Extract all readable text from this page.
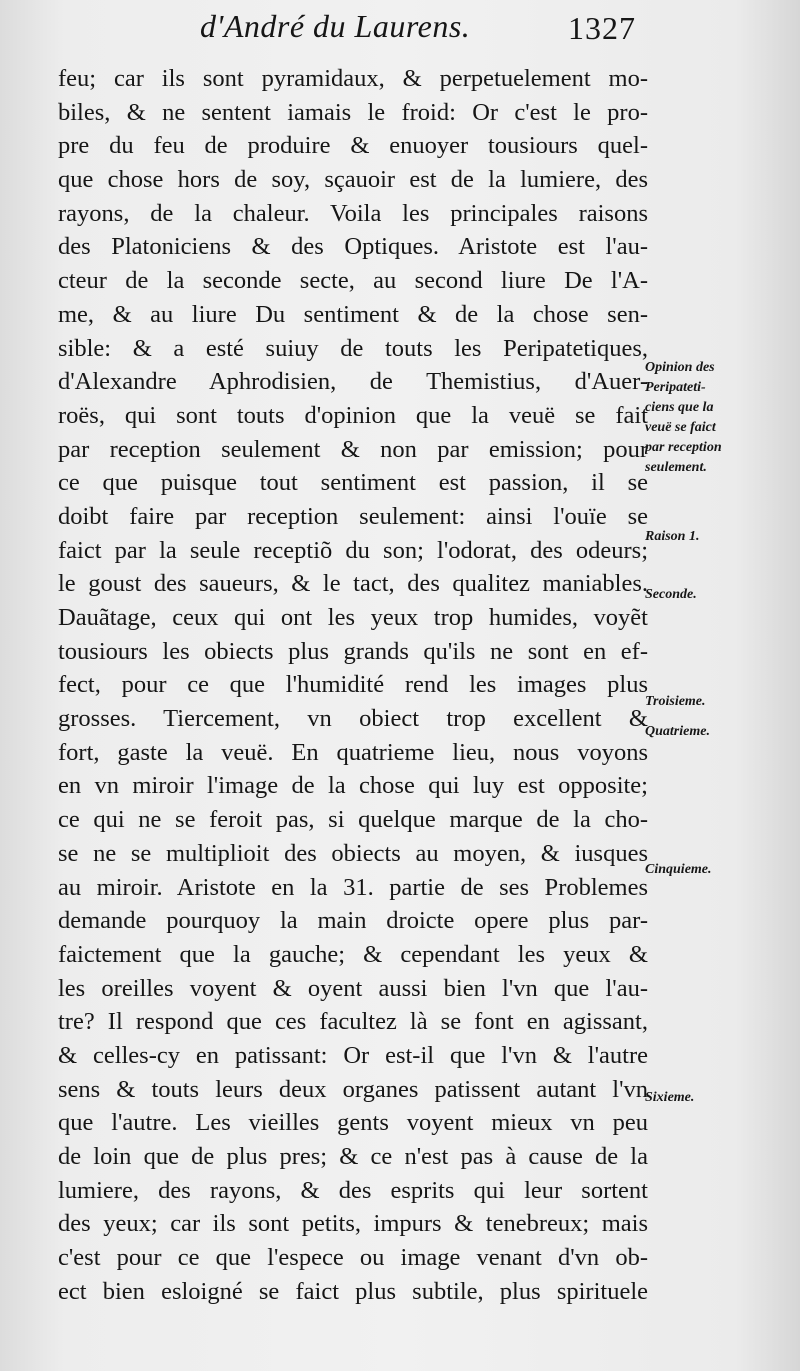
d'André du Laurens.	1327
feu; car ils sont pyramidaux, & perpetuelement mo-
biles, & ne sentent iamais le froid: Or c'est le pro-
pre du feu de produire & enuoyer tousiours quel-
que chose hors de soy, sçauoir est de la lumiere, des
rayons, de la chaleur. Voila les principales raisons
des Platoniciens & des Optiques. Aristote est l'au-
cteur de la seconde secte, au second liure De l'A-
me, & au liure Du sentiment & de la chose sen-
sible: & a esté suiuy de touts les Peripatetiques,
d'Alexandre Aphrodisien, de Themistius, d'Auer-
roës, qui sont touts d'opinion que la veuë se fait
par reception seulement & non par emission; pour
ce que puisque tout sentiment est passion, il se
doibt faire par reception seulement: ainsi l'ouïe se
faict par la seule receptiõ du son; l'odorat, des odeurs;
le goust des saueurs, & le tact, des qualitez maniables.
Dauãtage, ceux qui ont les yeux trop humides, voyẽt
tousiours les obiects plus grands qu'ils ne sont en ef-
fect, pour ce que l'humidité rend les images plus
grosses. Tiercement, vn obiect trop excellent &
fort, gaste la veuë. En quatrieme lieu, nous voyons
en vn miroir l'image de la chose qui luy est opposite;
ce qui ne se feroit pas, si quelque marque de la cho-
se ne se multiplioit des obiects au moyen, & iusques
au miroir. Aristote en la 31. partie de ses Problemes
demande pourquoy la main droicte opere plus par-
faictement que la gauche; & cependant les yeux &
les oreilles voyent & oyent aussi bien l'vn que l'au-
tre? Il respond que ces facultez là se font en agissant,
& celles-cy en patissant: Or est-il que l'vn & l'autre
sens & touts leurs deux organes patissent autant l'vn
que l'autre. Les vieilles gents voyent mieux vn peu
de loin que de plus pres; & ce n'est pas à cause de la
lumiere, des rayons, & des esprits qui leur sortent
des yeux; car ils sont petits, impurs & tenebreux; mais
c'est pour ce que l'espece ou image venant d'vn ob-
ect bien esloigné se faict plus subtile, plus spirituele
Opinion des
Peripateti-
ciens que la
veuë se faict
par reception
seulement.
Raison 1.
Seconde.
Troisieme.
Quatrieme.
Cinquieme.
Sixieme.
